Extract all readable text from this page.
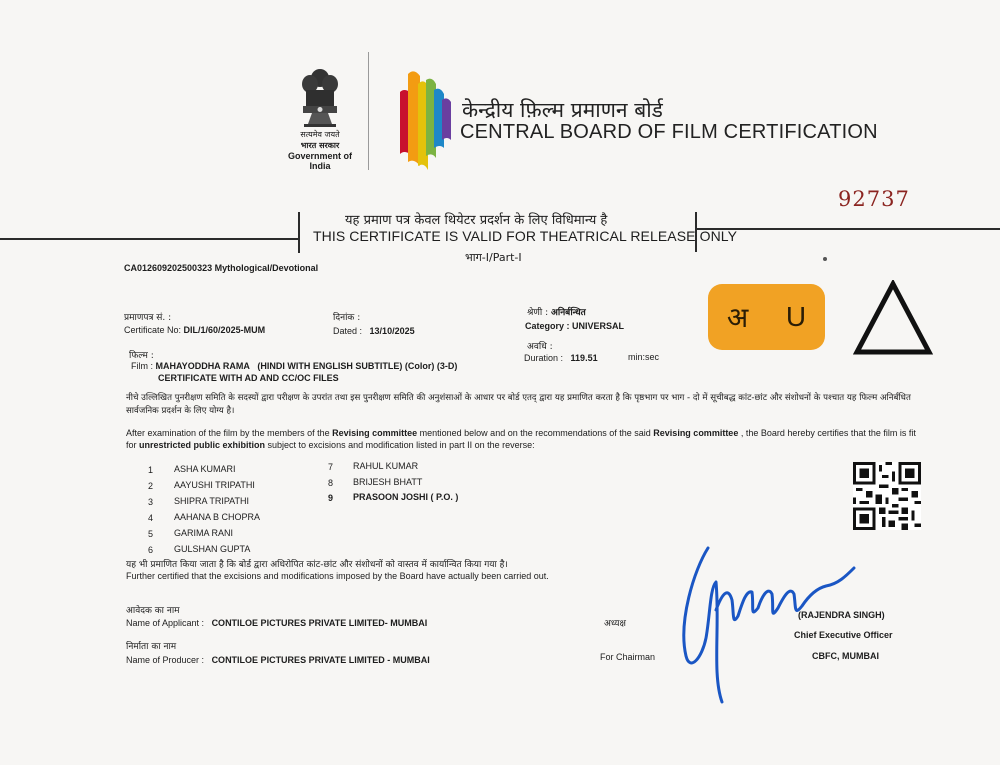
सत्यमेव जयते
भारत सरकार
Government of India
केन्द्रीय फ़िल्म प्रमाणन बोर्ड
CENTRAL BOARD OF FILM CERTIFICATION
92737
यह प्रमाण पत्र केवल थियेटर प्रदर्शन के लिए विधिमान्य है
THIS CERTIFICATE IS VALID FOR THEATRICAL RELEASE ONLY
भाग-I/Part-I
CA012609202500323 Mythological/Devotional
प्रमाणपत्र सं. :
Certificate No: DIL/1/60/2025-MUM
दिनांक :
Dated : 13/10/2025
श्रेणी : अनिर्बन्धित
Category : UNIVERSAL
अवधि :
Duration : 119.51	min:sec
अ U
फिल्म :
Film : MAHAYODDHA RAMA (HINDI WITH ENGLISH SUBTITLE) (Color) (3-D)
CERTIFICATE WITH AD AND CC/OC FILES
नीचे उल्लिखित पुनरीक्षण समिति के सदस्यों द्वारा परीक्षण के उपरांत तथा इस पुनरीक्षण समिति की अनुशंसाओं के आधार पर बोर्ड एतद् द्वारा यह प्रमाणित करता है कि पृष्ठभाग पर भाग - दो में सूचीबद्ध कांट-छांट और संशोधनों के पश्चात यह फिल्म अनिर्बंधित सार्वजनिक प्रदर्शन के लिए योग्य है।
After examination of the film by the members of the Revising committee mentioned below and on the recommendations of the said Revising committee , the Board hereby certifies that the film is fit for unrestricted public exhibition subject to excisions and modification listed in part II on the reverse:
1 ASHA KUMARI
2 AAYUSHI TRIPATHI
3 SHIPRA TRIPATHI
4 AAHANA B CHOPRA
5 GARIMA RANI
6 GULSHAN GUPTA
7 RAHUL KUMAR
8 BRIJESH BHATT
9 PRASOON JOSHI ( P.O. )
यह भी प्रमाणित किया जाता है कि बोर्ड द्वारा अधिरोपित कांट-छांट और संशोधनों को वास्तव में कार्यान्वित किया गया है।
Further certified that the excisions and modifications imposed by the Board have actually been carried out.
आवेदक का नाम
Name of Applicant : CONTILOE PICTURES PRIVATE LIMITED- MUMBAI
निर्माता का नाम
Name of Producer : CONTILOE PICTURES PRIVATE LIMITED - MUMBAI
अध्यक्ष
For Chairman
(RAJENDRA SINGH)
Chief Executive Officer
CBFC, MUMBAI
